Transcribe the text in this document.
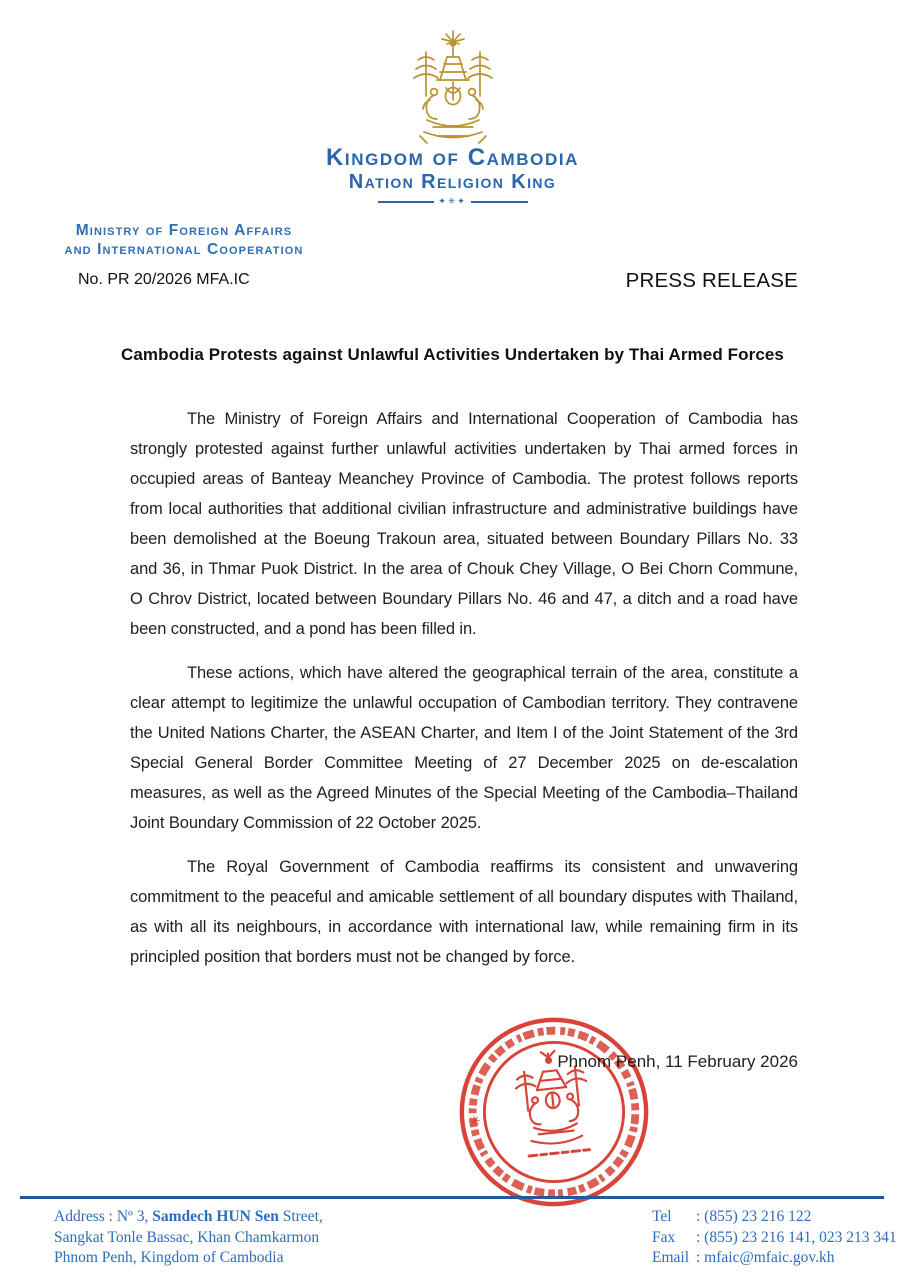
Kingdom of Cambodia
Nation Religion King
✦✳✦
Ministry of Foreign Affairs
and International Cooperation
No. PR 20/2026 MFA.IC	PRESS RELEASE
Cambodia Protests against Unlawful Activities Undertaken by Thai Armed Forces

The Ministry of Foreign Affairs and International Cooperation of Cambodia has strongly protested against further unlawful activities undertaken by Thai armed forces in occupied areas of Banteay Meanchey Province of Cambodia. The protest follows reports from local authorities that additional civilian infrastructure and administrative buildings have been demolished at the Boeung Trakoun area, situated between Boundary Pillars No. 33 and 36, in Thmar Puok District. In the area of Chouk Chey Village, O Bei Chorn Commune, O Chrov District, located between Boundary Pillars No. 46 and 47, a ditch and a road have been constructed, and a pond has been filled in.

These actions, which have altered the geographical terrain of the area, constitute a clear attempt to legitimize the unlawful occupation of Cambodian territory. They contravene the United Nations Charter, the ASEAN Charter, and Item I of the Joint Statement of the 3rd Special General Border Committee Meeting of 27 December 2025 on de-escalation measures, as well as the Agreed Minutes of the Special Meeting of the Cambodia–Thailand Joint Boundary Commission of 22 October 2025.

The Royal Government of Cambodia reaffirms its consistent and unwavering commitment to the peaceful and amicable settlement of all boundary disputes with Thailand, as with all its neighbours, in accordance with international law, while remaining firm in its principled position that borders must not be changed by force.

Phnom Penh, 11 February 2026
✳
Address : Nº 3, Samdech HUN Sen Street,
Sangkat Tonle Bassac, Khan Chamkarmon
Phnom Penh, Kingdom of Cambodia
Tel	: (855) 23 216 122
Fax	: (855) 23 216 141, 023 213 341
Email : mfaic@mfaic.gov.kh
